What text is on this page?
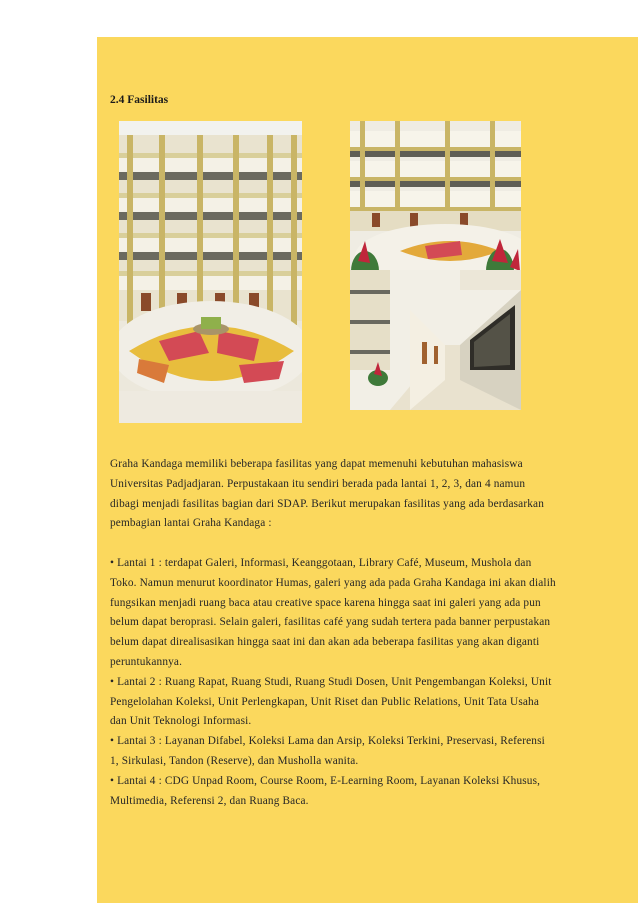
2.4 Fasilitas
Graha Kandaga memiliki beberapa fasilitas yang dapat memenuhi kebutuhan mahasiswa
Universitas Padjadjaran. Perpustakaan itu sendiri berada pada lantai 1, 2, 3, dan 4 namun
dibagi menjadi fasilitas bagian dari SDAP. Berikut merupakan fasilitas yang ada berdasarkan
pembagian lantai Graha Kandaga :
• Lantai 1 : terdapat Galeri, Informasi, Keanggotaan, Library Café, Museum, Mushola dan
Toko. Namun menurut koordinator Humas, galeri yang ada pada Graha Kandaga ini akan dialih
fungsikan menjadi ruang baca atau creative space karena hingga saat ini galeri yang ada pun
belum dapat beroprasi. Selain galeri, fasilitas café yang sudah tertera pada banner perpustakan
belum dapat direalisasikan hingga saat ini dan akan ada beberapa fasilitas yang akan diganti
peruntukannya.
• Lantai 2 : Ruang Rapat, Ruang Studi, Ruang Studi Dosen, Unit Pengembangan Koleksi, Unit
Pengelolahan Koleksi, Unit Perlengkapan, Unit Riset dan Public Relations, Unit Tata Usaha
dan Unit Teknologi Informasi.
• Lantai 3 : Layanan Difabel, Koleksi Lama dan Arsip, Koleksi Terkini, Preservasi, Referensi
1, Sirkulasi, Tandon (Reserve), dan Musholla wanita.
• Lantai 4 : CDG Unpad Room, Course Room, E-Learning Room, Layanan Koleksi Khusus,
Multimedia, Referensi 2, dan Ruang Baca.
